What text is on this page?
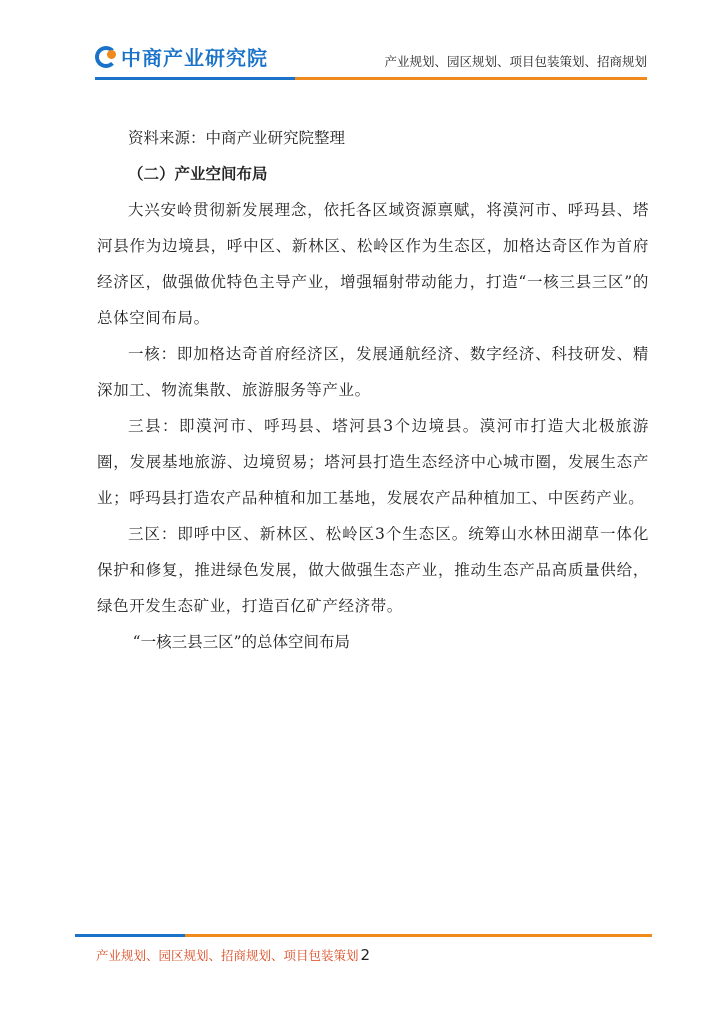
中商产业研究院	产业规划、园区规划、项目包装策划、招商规划

资料来源：中商产业研究院整理

（二）产业空间布局

大兴安岭贯彻新发展理念，依托各区域资源禀赋，将漠河市、呼玛县、塔河县作为边境县，呼中区、新林区、松岭区作为生态区，加格达奇区作为首府经济区，做强做优特色主导产业，增强辐射带动能力，打造“一核三县三区”的总体空间布局。

一核：即加格达奇首府经济区，发展通航经济、数字经济、科技研发、精深加工、物流集散、旅游服务等产业。

三县：即漠河市、呼玛县、塔河县3个边境县。漠河市打造大北极旅游圈，发展基地旅游、边境贸易；塔河县打造生态经济中心城市圈，发展生态产业；呼玛县打造农产品种植和加工基地，发展农产品种植加工、中医药产业。

三区：即呼中区、新林区、松岭区3个生态区。统筹山水林田湖草一体化保护和修复，推进绿色发展，做大做强生态产业，推动生态产品高质量供给，绿色开发生态矿业，打造百亿矿产经济带。

“一核三县三区”的总体空间布局

产业规划、园区规划、招商规划、项目包装策划 2
